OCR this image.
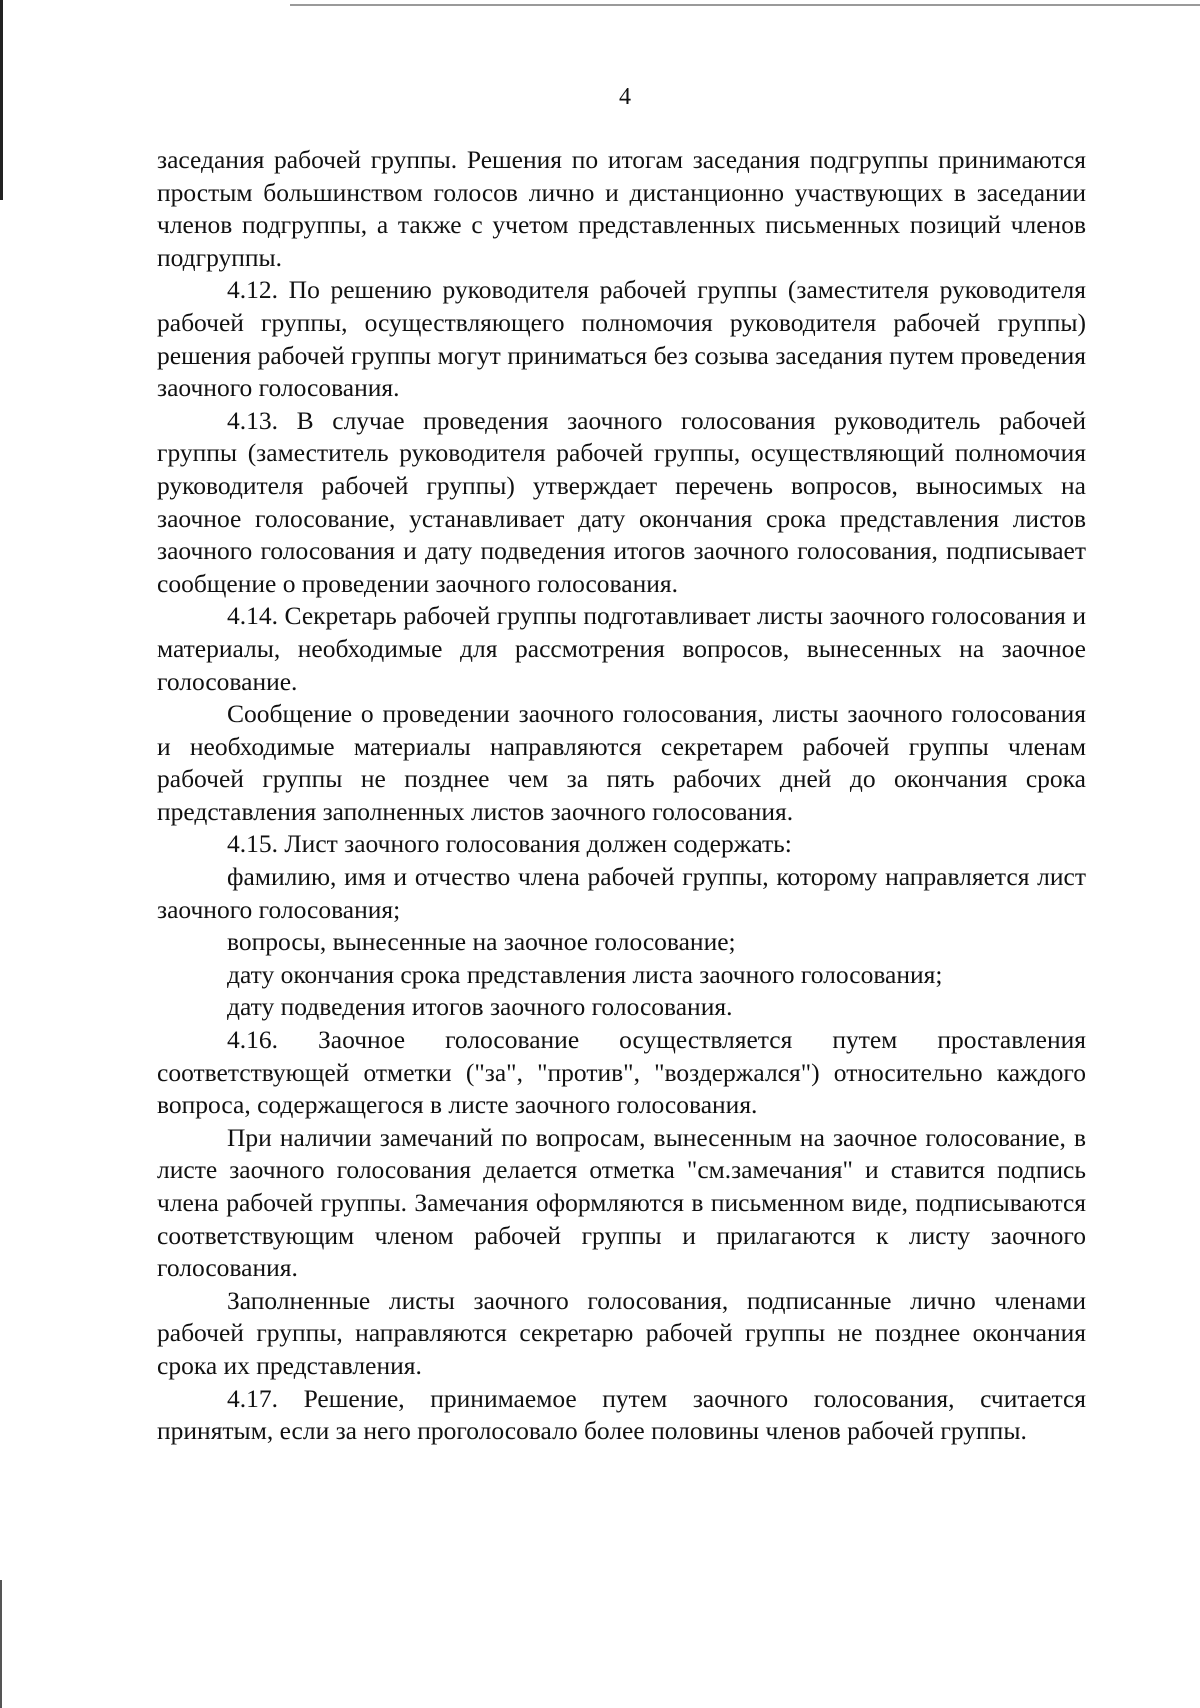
4

заседания рабочей группы. Решения по итогам заседания подгруппы принимаются простым большинством голосов лично и дистанционно участвующих в заседании членов подгруппы, а также с учетом представленных письменных позиций членов подгруппы.

4.12. По решению руководителя рабочей группы (заместителя руководителя рабочей группы, осуществляющего полномочия руководителя рабочей группы) решения рабочей группы могут приниматься без созыва заседания путем проведения заочного голосования.

4.13. В случае проведения заочного голосования руководитель рабочей группы (заместитель руководителя рабочей группы, осуществляющий полномочия руководителя рабочей группы) утверждает перечень вопросов, выносимых на заочное голосование, устанавливает дату окончания срока представления листов заочного голосования и дату подведения итогов заочного голосования, подписывает сообщение о проведении заочного голосования.

4.14. Секретарь рабочей группы подготавливает листы заочного голосования и материалы, необходимые для рассмотрения вопросов, вынесенных на заочное голосование.

Сообщение о проведении заочного голосования, листы заочного голосования и необходимые материалы направляются секретарем рабочей группы членам рабочей группы не позднее чем за пять рабочих дней до окончания срока представления заполненных листов заочного голосования.

4.15. Лист заочного голосования должен содержать:

фамилию, имя и отчество члена рабочей группы, которому направляется лист заочного голосования;

вопросы, вынесенные на заочное голосование;

дату окончания срока представления листа заочного голосования;

дату подведения итогов заочного голосования.

4.16. Заочное голосование осуществляется путем проставления соответствующей отметки ("за", "против", "воздержался") относительно каждого вопроса, содержащегося в листе заочного голосования.

При наличии замечаний по вопросам, вынесенным на заочное голосование, в листе заочного голосования делается отметка "см.замечания" и ставится подпись члена рабочей группы. Замечания оформляются в письменном виде, подписываются соответствующим членом рабочей группы и прилагаются к листу заочного голосования.

Заполненные листы заочного голосования, подписанные лично членами рабочей группы, направляются секретарю рабочей группы не позднее окончания срока их представления.

4.17. Решение, принимаемое путем заочного голосования, считается принятым, если за него проголосовало более половины членов рабочей группы.
